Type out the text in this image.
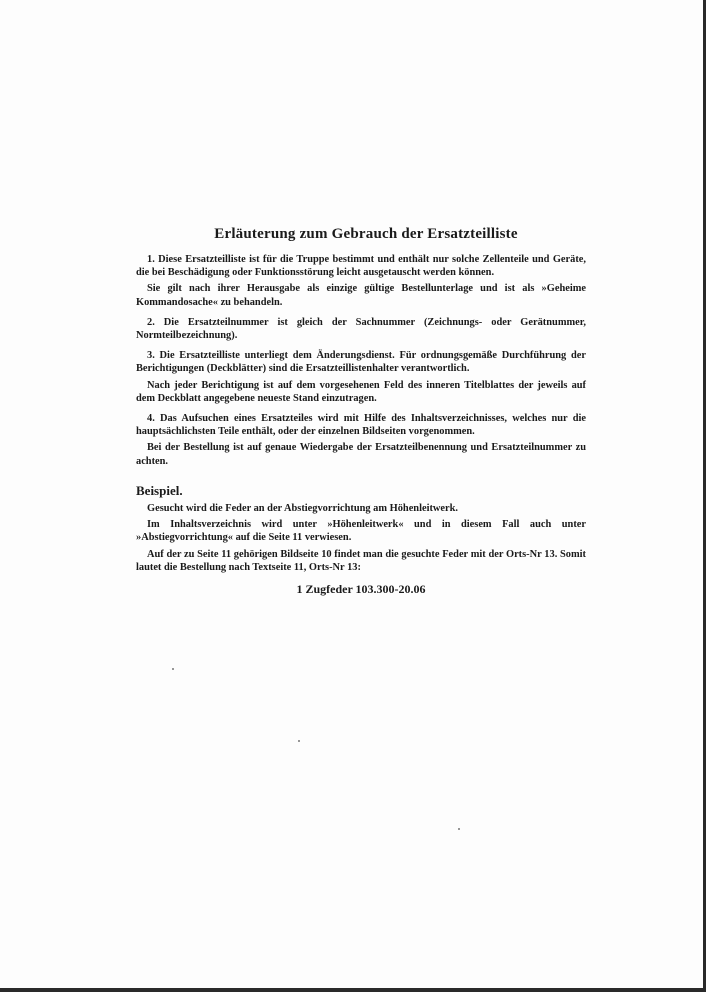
Erläuterung zum Gebrauch der Ersatzteilliste

1. Diese Ersatzteilliste ist für die Truppe bestimmt und enthält nur solche Zellenteile und Geräte, die bei Beschädigung oder Funktionsstörung leicht ausgetauscht werden können.

Sie gilt nach ihrer Herausgabe als einzige gültige Bestellunterlage und ist als »Geheime Kommandosache« zu behandeln.

2. Die Ersatzteilnummer ist gleich der Sachnummer (Zeichnungs- oder Gerätnummer, Normteilbezeichnung).

3. Die Ersatzteilliste unterliegt dem Änderungsdienst. Für ordnungsgemäße Durchführung der Berichtigungen (Deckblätter) sind die Ersatzteillistenhalter verantwortlich.

Nach jeder Berichtigung ist auf dem vorgesehenen Feld des inneren Titelblattes der jeweils auf dem Deckblatt angegebene neueste Stand einzutragen.

4. Das Aufsuchen eines Ersatzteiles wird mit Hilfe des Inhaltsverzeichnisses, welches nur die hauptsächlichsten Teile enthält, oder der einzelnen Bildseiten vorgenommen.

Bei der Bestellung ist auf genaue Wiedergabe der Ersatzteilbenennung und Ersatzteilnummer zu achten.

Beispiel.

Gesucht wird die Feder an der Abstiegvorrichtung am Höhenleitwerk.

Im Inhaltsverzeichnis wird unter »Höhenleitwerk« und in diesem Fall auch unter »Abstiegvorrichtung« auf die Seite 11 verwiesen.

Auf der zu Seite 11 gehörigen Bildseite 10 findet man die gesuchte Feder mit der Orts-Nr 13. Somit lautet die Bestellung nach Textseite 11, Orts-Nr 13:

1 Zugfeder 103.300-20.06
